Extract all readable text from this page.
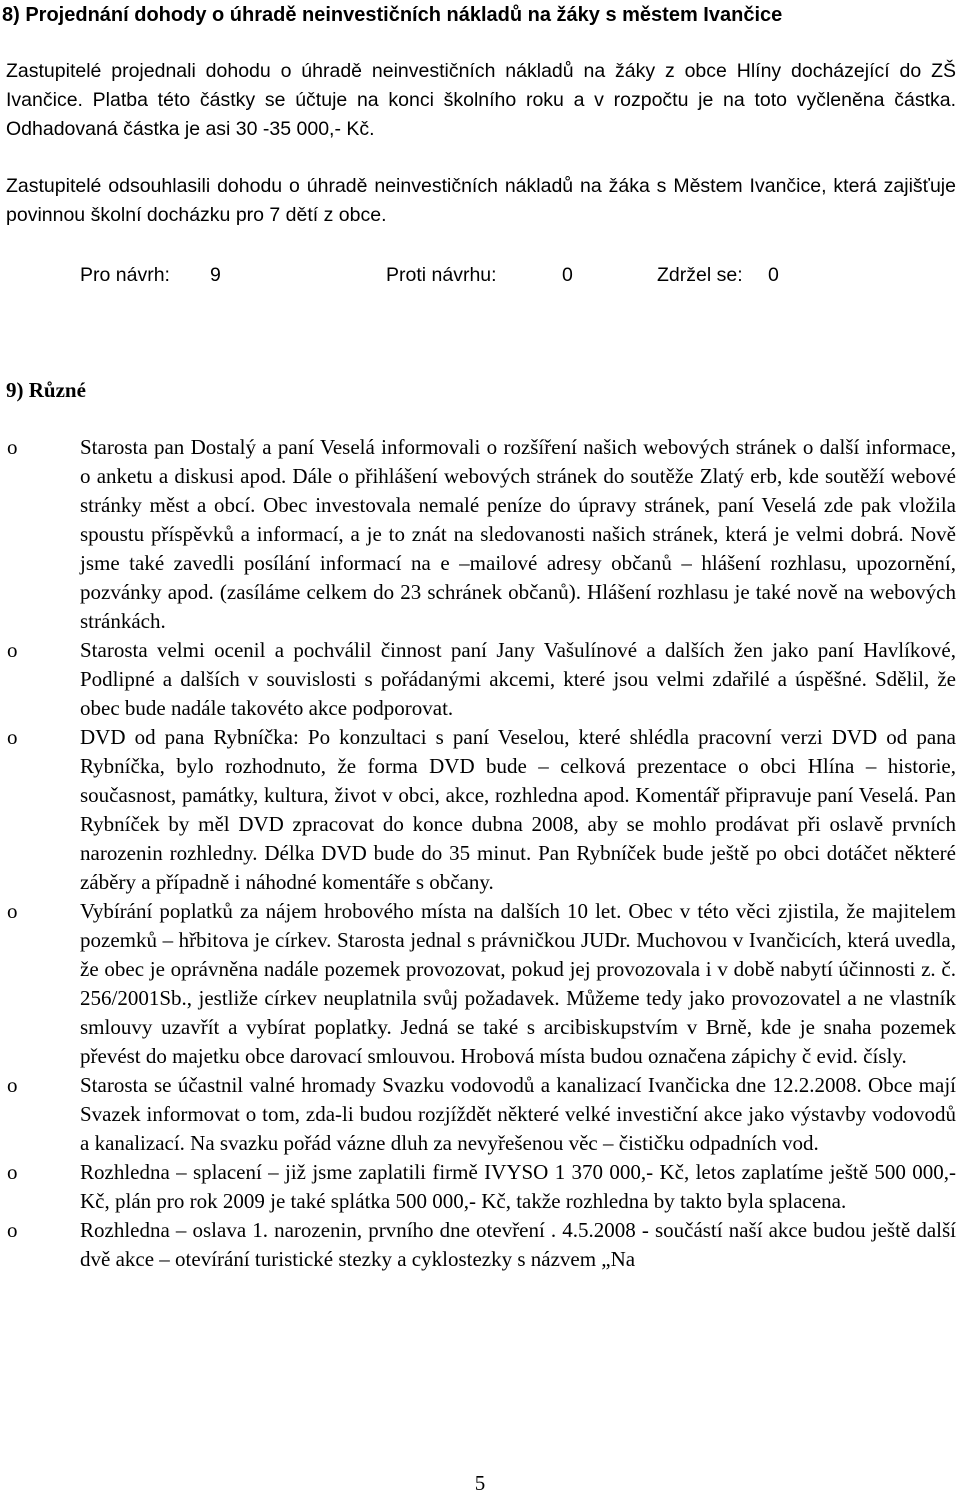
8) Projednání dohody o úhradě neinvestičních nákladů na žáky s městem Ivančice
Zastupitelé projednali dohodu o úhradě neinvestičních nákladů na žáky z obce Hlíny docházející do ZŠ Ivančice. Platba této částky se účtuje na konci školního roku a v rozpočtu je na toto vyčleněna částka. Odhadovaná částka je asi 30 -35 000,- Kč.
Zastupitelé odsouhlasili dohodu o úhradě neinvestičních nákladů na žáka s Městem Ivančice, která zajišťuje povinnou školní docházku pro 7 dětí z obce.
Pro návrh: 9	Proti návrhu:	0	Zdržel se: 0
9) Různé
o	Starosta pan Dostalý a paní Veselá informovali o rozšíření našich webových stránek o další informace, o anketu a diskusi apod. Dále o přihlášení webových stránek do soutěže Zlatý erb, kde soutěží webové stránky měst a obcí. Obec investovala nemalé peníze do úpravy stránek, paní Veselá zde pak vložila spoustu příspěvků a informací, a je to znát na sledovanosti našich stránek, která je velmi dobrá. Nově jsme také zavedli posílání informací na e –mailové adresy občanů – hlášení rozhlasu, upozornění, pozvánky apod. (zasíláme celkem do 23 schránek občanů). Hlášení rozhlasu je také nově na webových stránkách.
o	Starosta velmi ocenil a pochválil činnost paní Jany Vašulínové a dalších žen jako paní Havlíkové, Podlipné a dalších v souvislosti s pořádanými akcemi, které jsou velmi zdařilé a úspěšné. Sdělil, že obec bude nadále takovéto akce podporovat.
o	DVD od pana Rybníčka: Po konzultaci s paní Veselou, které shlédla pracovní verzi DVD od pana Rybníčka, bylo rozhodnuto, že forma DVD bude – celková prezentace o obci Hlína – historie, současnost, památky, kultura, život v obci, akce, rozhledna apod. Komentář připravuje paní Veselá. Pan Rybníček by měl DVD zpracovat do konce dubna 2008, aby se mohlo prodávat při oslavě prvních narozenin rozhledny. Délka DVD bude do 35 minut. Pan Rybníček bude ještě po obci dotáčet některé záběry a případně i náhodné komentáře s občany.
o	Vybírání poplatků za nájem hrobového místa na dalších 10 let. Obec v této věci zjistila, že majitelem pozemků – hřbitova je církev. Starosta jednal s právničkou JUDr. Muchovou v Ivančicích, která uvedla, že obec je oprávněna nadále pozemek provozovat, pokud jej provozovala i v době nabytí účinnosti z. č. 256/2001Sb., jestliže církev neuplatnila svůj požadavek. Můžeme tedy jako provozovatel a ne vlastník smlouvy uzavřít a vybírat poplatky. Jedná se také s arcibiskupstvím v Brně, kde je snaha pozemek převést do majetku obce darovací smlouvou. Hrobová místa budou označena zápichy č evid. čísly.
o	Starosta se účastnil valné hromady Svazku vodovodů a kanalizací Ivančicka dne 12.2.2008. Obce mají Svazek informovat o tom, zda-li budou rozjíždět některé velké investiční akce jako výstavby vodovodů a kanalizací. Na svazku pořád vázne dluh za nevyřešenou věc – čističku odpadních vod.
o	Rozhledna – splacení – již jsme zaplatili firmě IVYSO 1 370 000,- Kč, letos zaplatíme ještě 500 000,- Kč, plán pro rok 2009 je také splátka 500 000,- Kč, takže rozhledna by takto byla splacena.
o	Rozhledna – oslava 1. narozenin, prvního dne otevření . 4.5.2008 - součástí naší akce budou ještě další dvě akce – otevírání turistické stezky a cyklostezky s názvem „Na
5
